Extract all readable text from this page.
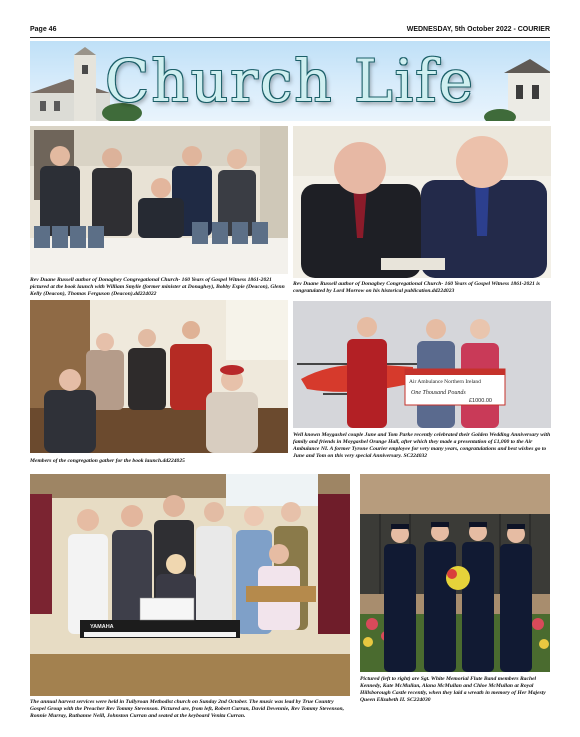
Page 46	WEDNESDAY, 5th October 2022 - COURIER
Church Life
Rev Duane Russell author of Donaghey Congregational Church- 160 Years of Gospel Witness 1861-2021 pictured at the book launch with William Smylie (former minister at Donaghey), Bobby Espie (Deacon), Glenn Kelly (Deacon), Thomas Ferguson (Deacon).dd224022
Rev Duane Russell author of Donaghey Congregational Church- 160 Years of Gospel Witness 1861-2021 is congratulated by Lord Morrow on his historical publication.dd224023
Members of the congregation gather for the book launch.dd224025
Air Ambulance Northern Ireland
One Thousand Pounds
£1000.00
Well known Moygashel couple June and Tom Parke recently celebrated their Golden Wedding Anniversary with family and friends in Moygashel Orange Hall, after which they made a presentation of £1,000 to the Air Ambulance NI. A former Tyrone Courier employee for very many years, congratulations and best wishes go to June and Tom on this very special Anniversary. SC224032
YAMAHA
The annual harvest services were held in Tullyroan Methodist church on Sunday 2nd October. The music was lead by True Country Gospel Group with the Preacher Rev Tommy Stevenson. Pictured are, from left, Robert Curran, David Devennie, Rev Tommy Stevenson, Ronnie Murray, Ruthanne Neill, Johnston Curran and seated at the keyboard Venita Curran.
Pictured (left to right) are Sgt. White Memorial Flute Band members Rachel Kennedy, Kate McMullan, Alana McMullan and Chloe McMullan at Royal Hillsborough Castle recently, when they laid a wreath in memory of Her Majesty Queen Elizabeth II. SC224030
